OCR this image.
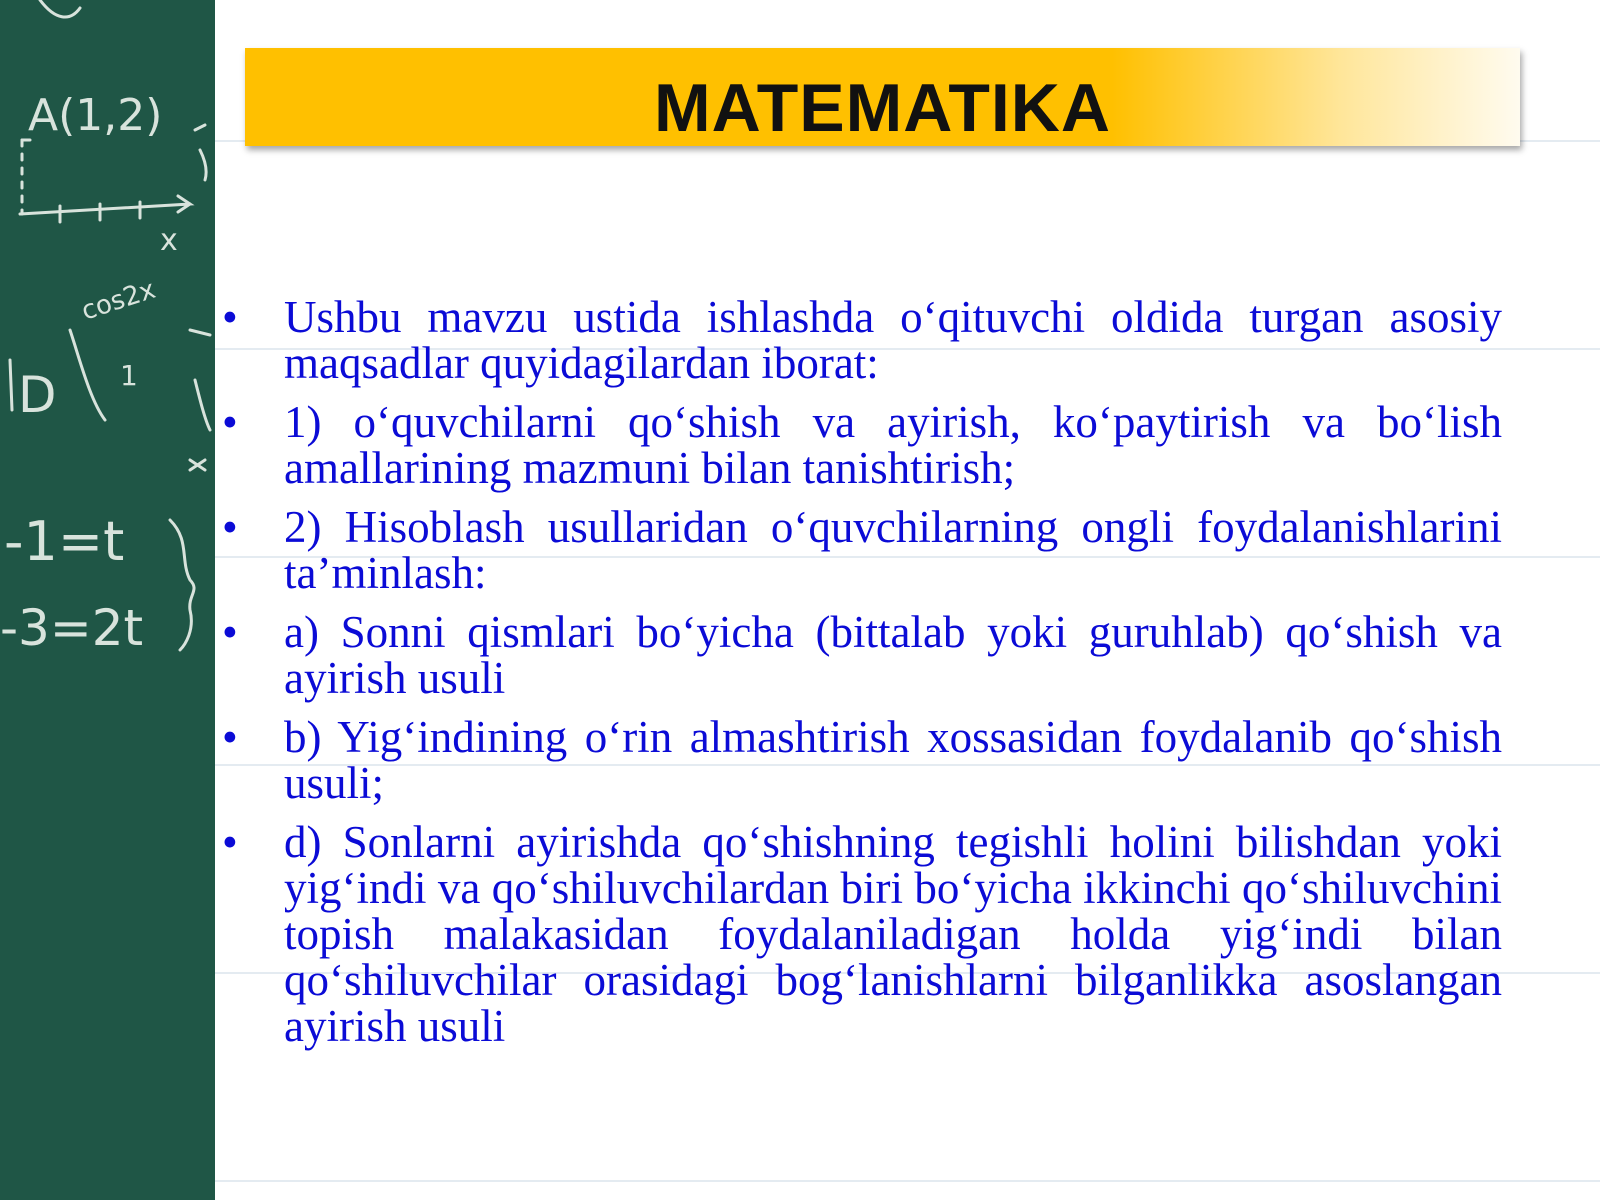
A(1,2)
x
cos2x
D 1
-1=t
-3=2t
MATEMATIKA
• Ushbu mavzu ustida ishlashda o‘qituvchi oldida turgan asosiy maqsadlar quyidagilardan iborat:
• 1) o‘quvchilarni qo‘shish va ayirish, ko‘paytirish va bo‘lish amallarining mazmuni bilan tanishtirish;
• 2) Hisoblash usullaridan o‘quvchilarning ongli foydalanishlarini ta’minlash:
• a) Sonni qismlari bo‘yicha (bittalab yoki guruhlab) qo‘shish va ayirish usuli
• b) Yig‘indining o‘rin almashtirish xossasidan foydalanib qo‘shish usuli;
• d) Sonlarni ayirishda qo‘shishning tegishli holini bilishdan yoki yig‘indi va qo‘shiluvchilardan biri bo‘yicha ikkinchi qo‘shiluvchini topish malakasidan foydalaniladigan holda yig‘indi bilan qo‘shiluvchilar orasidagi bog‘lanishlarni bilganlikka asoslangan ayirish usuli
